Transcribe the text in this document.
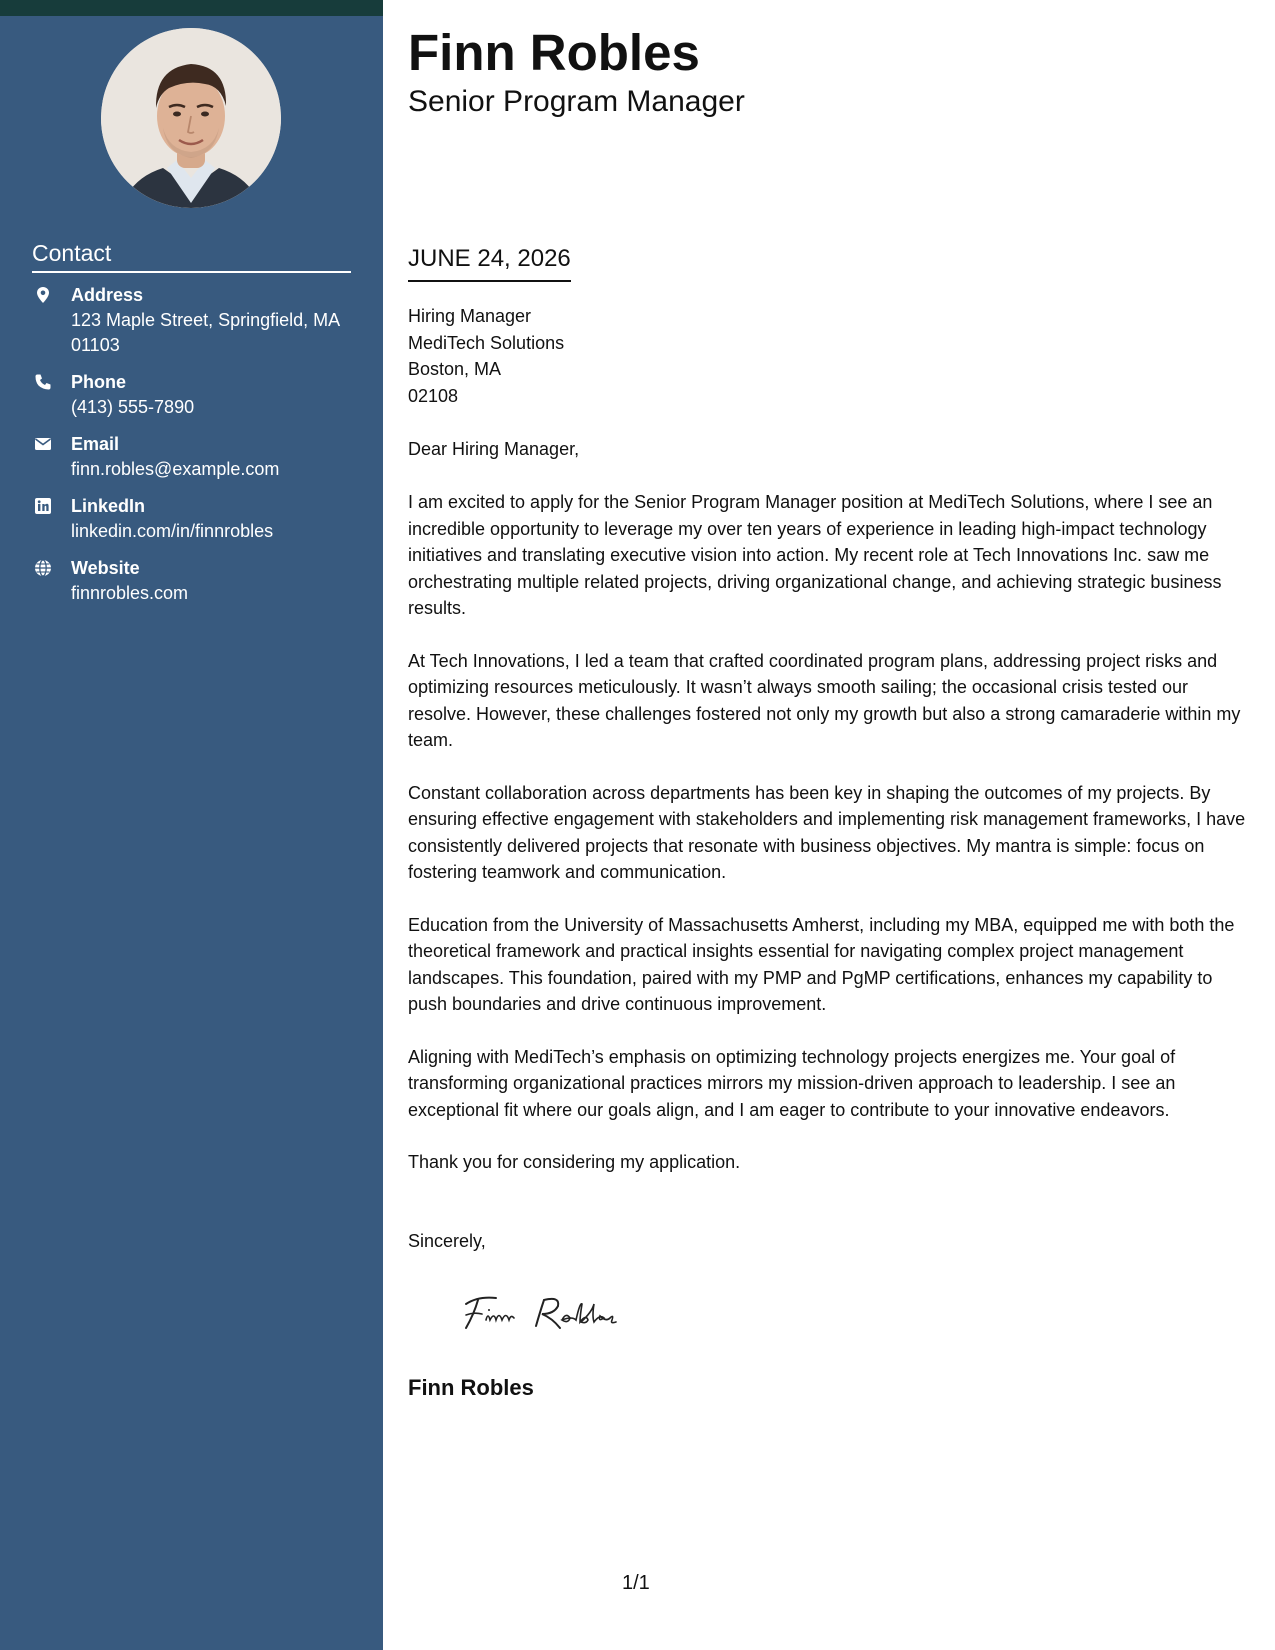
Contact
Address
123 Maple Street, Springfield, MA 01103
Phone
(413) 555-7890
Email
finn.robles@example.com
LinkedIn
linkedin.com/in/finnrobles
Website
finnrobles.com
Finn Robles
Senior Program Manager
JUNE 24, 2026
Hiring Manager
MediTech Solutions
Boston, MA
02108
Dear Hiring Manager,

I am excited to apply for the Senior Program Manager position at MediTech Solutions, where I see an incredible opportunity to leverage my over ten years of experience in leading high-impact technology initiatives and translating executive vision into action. My recent role at Tech Innovations Inc. saw me orchestrating multiple related projects, driving organizational change, and achieving strategic business results.

At Tech Innovations, I led a team that crafted coordinated program plans, addressing project risks and optimizing resources meticulously. It wasn’t always smooth sailing; the occasional crisis tested our resolve. However, these challenges fostered not only my growth but also a strong camaraderie within my team.

Constant collaboration across departments has been key in shaping the outcomes of my projects. By ensuring effective engagement with stakeholders and implementing risk management frameworks, I have consistently delivered projects that resonate with business objectives. My mantra is simple: focus on fostering teamwork and communication.

Education from the University of Massachusetts Amherst, including my MBA, equipped me with both the theoretical framework and practical insights essential for navigating complex project management landscapes. This foundation, paired with my PMP and PgMP certifications, enhances my capability to push boundaries and drive continuous improvement.

Aligning with MediTech’s emphasis on optimizing technology projects energizes me. Your goal of transforming organizational practices mirrors my mission-driven approach to leadership. I see an exceptional fit where our goals align, and I am eager to contribute to your innovative endeavors.

Thank you for considering my application.

Sincerely,
Finn Robles
1/1
